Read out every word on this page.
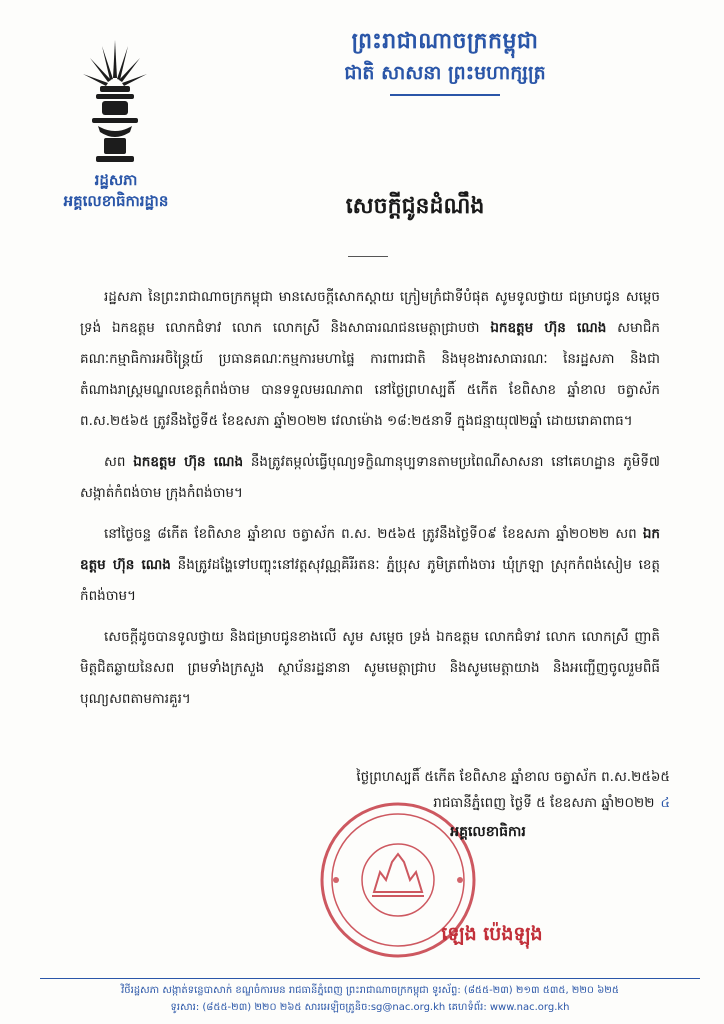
រដ្ឋសភា
អគ្គលេខាធិការដ្ឋាន
ព្រះរាជាណាចក្រកម្ពុជា
ជាតិ សាសនា ព្រះមហាក្សត្រ
សេចក្តីជូនដំណឹង

រដ្ឋសភា នៃព្រះរាជាណាចក្រកម្ពុជា មានសេចក្តីសោកស្តាយ ក្រៀមក្រំជាទីបំផុត សូមទូលថ្វាយ ជម្រាបជូន សម្តេច ទ្រង់ ឯកឧត្តម លោកជំទាវ លោក លោកស្រី និងសាធារណជនមេត្តាជ្រាបថា ឯកឧត្តម ហ៊ុន ណេង សមាជិកគណៈកម្មាធិការអចិន្ត្រៃយ៍ ប្រធានគណៈកម្មការមហាផ្ទៃ ការពារជាតិ និងមុខងារសាធារណៈ នៃរដ្ឋសភា និងជាតំណាងរាស្ត្រមណ្ឌលខេត្តកំពង់ចាម បានទទួលមរណភាព នៅថ្ងៃព្រហស្បតិ៍ ៥កើត ខែពិសាខ ឆ្នាំខាល ចត្វាស័ក ព.ស.២៥៦៥ ត្រូវនឹងថ្ងៃទី៥ ខែឧសភា ឆ្នាំ២០២២ វេលាម៉ោង ១៨:២៥នាទី ក្នុងជន្មាយុ៧២ឆ្នាំ ដោយរោគាពាធ។

សព ឯកឧត្តម ហ៊ុន ណេង នឹងត្រូវតម្កល់ធ្វើបុណ្យទក្ខិណានុប្បទានតាមប្រពៃណីសាសនា នៅគេហដ្ឋាន ភូមិទី៧ សង្កាត់កំពង់ចាម ក្រុងកំពង់ចាម។

នៅថ្ងៃចន្ទ ៨កើត ខែពិសាខ ឆ្នាំខាល ចត្វាស័ក ព.ស. ២៥៦៥ ត្រូវនឹងថ្ងៃទី០៩ ខែឧសភា ឆ្នាំ២០២២ សព ឯកឧត្តម ហ៊ុន ណេង នឹងត្រូវដង្ហែទៅបញ្ចុះនៅវត្តសុវណ្ណគិរីរតនៈ ភ្នំប្រុស ភូមិត្រពាំងចារ ឃុំក្រឡា ស្រុកកំពង់សៀម ខេត្តកំពង់ចាម។

សេចក្តីដូចបានទូលថ្វាយ និងជម្រាបជូនខាងលើ សូម សម្តេច ទ្រង់ ឯកឧត្តម លោកជំទាវ លោក លោកស្រី ញាតិមិត្តជិតឆ្ងាយនៃសព ព្រមទាំងក្រសួង ស្ថាប័នរដ្ឋនានា សូមមេត្តាជ្រាប និងសូមមេត្តាយាង និងអញ្ជើញចូលរួមពិធីបុណ្យសពតាមការគួរ។

ថ្ងៃព្រហស្បតិ៍ ៥កើត ខែពិសាខ ឆ្នាំខាល ចត្វាស័ក ព.ស.២៥៦៥
រាជធានីភ្នំពេញ ថ្ងៃទី ៥ ខែឧសភា ឆ្នាំ២០២២ ៤
អគ្គលេខាធិការ
ឡេង ប៉េងឡុង
វិថីរដ្ឋសភា សង្កាត់ទន្លេបាសាក់ ខណ្ឌចំការមន រាជធានីភ្នំពេញ ព្រះរាជាណាចក្រកម្ពុជា ទូរស័ព្ទ: (៨៥៥-២៣) ២១៣ ៥៣៥, ២២០ ៦២៥
ទូរសារ: (៨៥៥-២៣) ២២០ ២៦៥ សារអេឡិចត្រូនិច:sg@nac.org.kh គេហទំព័រ: www.nac.org.kh
